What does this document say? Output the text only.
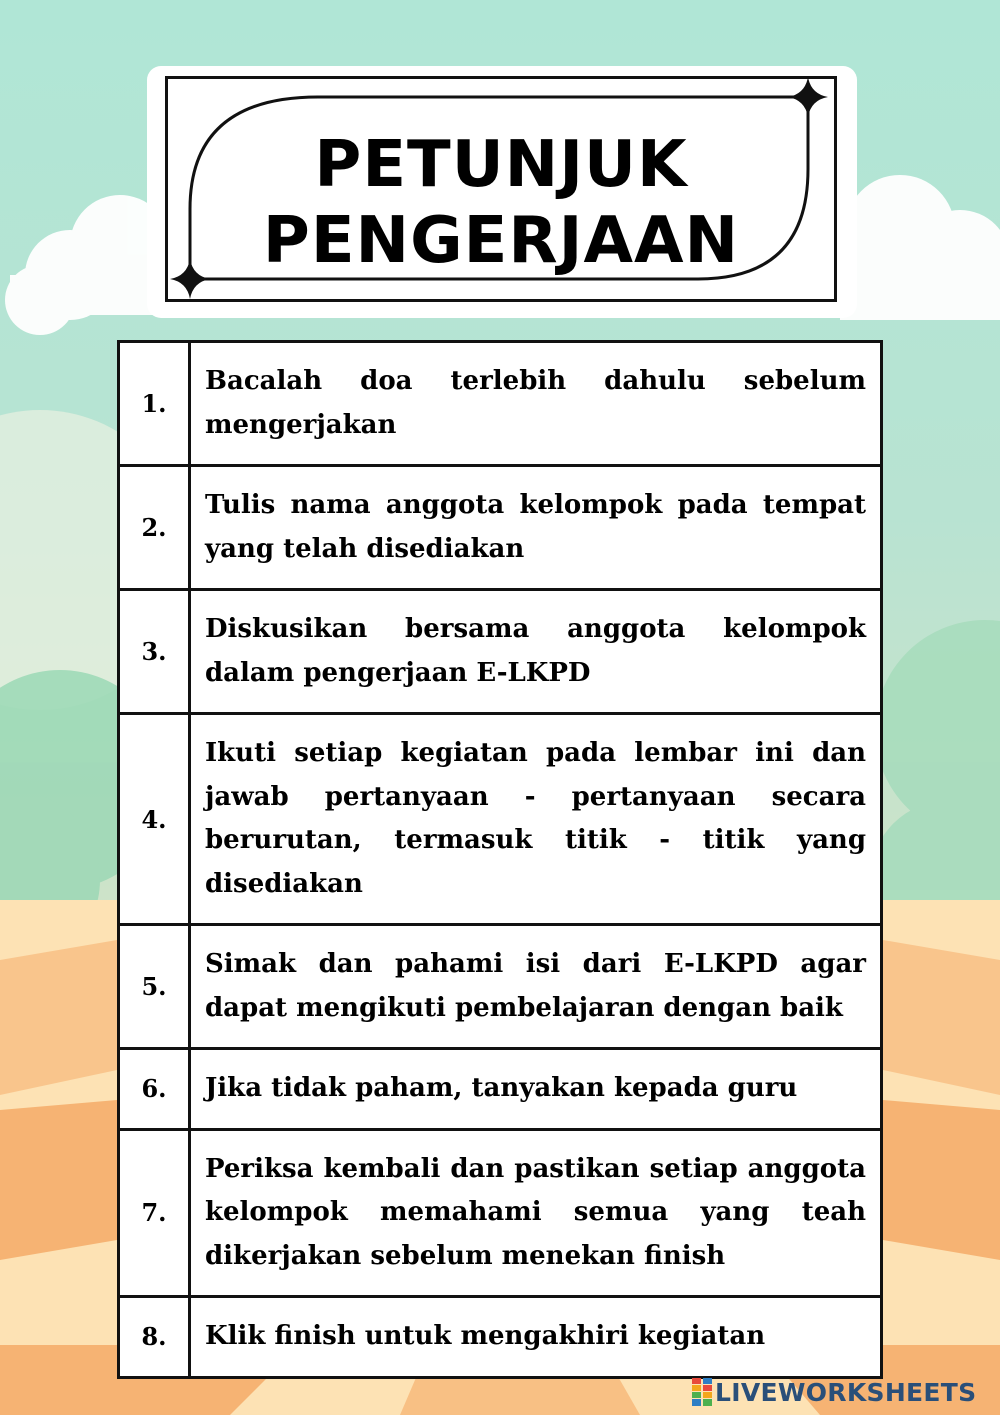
PETUNJUK
PENGERJAAN
1.	Bacalah doa terlebih dahulu sebelum mengerjakan
2.	Tulis nama anggota kelompok pada tempat yang telah disediakan
3.	Diskusikan bersama anggota kelompok dalam pengerjaan E-LKPD
4.	Ikuti setiap kegiatan pada lembar ini dan jawab pertanyaan - pertanyaan secara berurutan, termasuk titik - titik yang disediakan
5.	Simak dan pahami isi dari E-LKPD agar dapat mengikuti pembelajaran dengan baik
6.	Jika tidak paham, tanyakan kepada guru
7.	Periksa kembali dan pastikan setiap anggota kelompok memahami semua yang teah dikerjakan sebelum menekan finish
8.	Klik finish untuk mengakhiri kegiatan
LIVEWORKSHEETS
